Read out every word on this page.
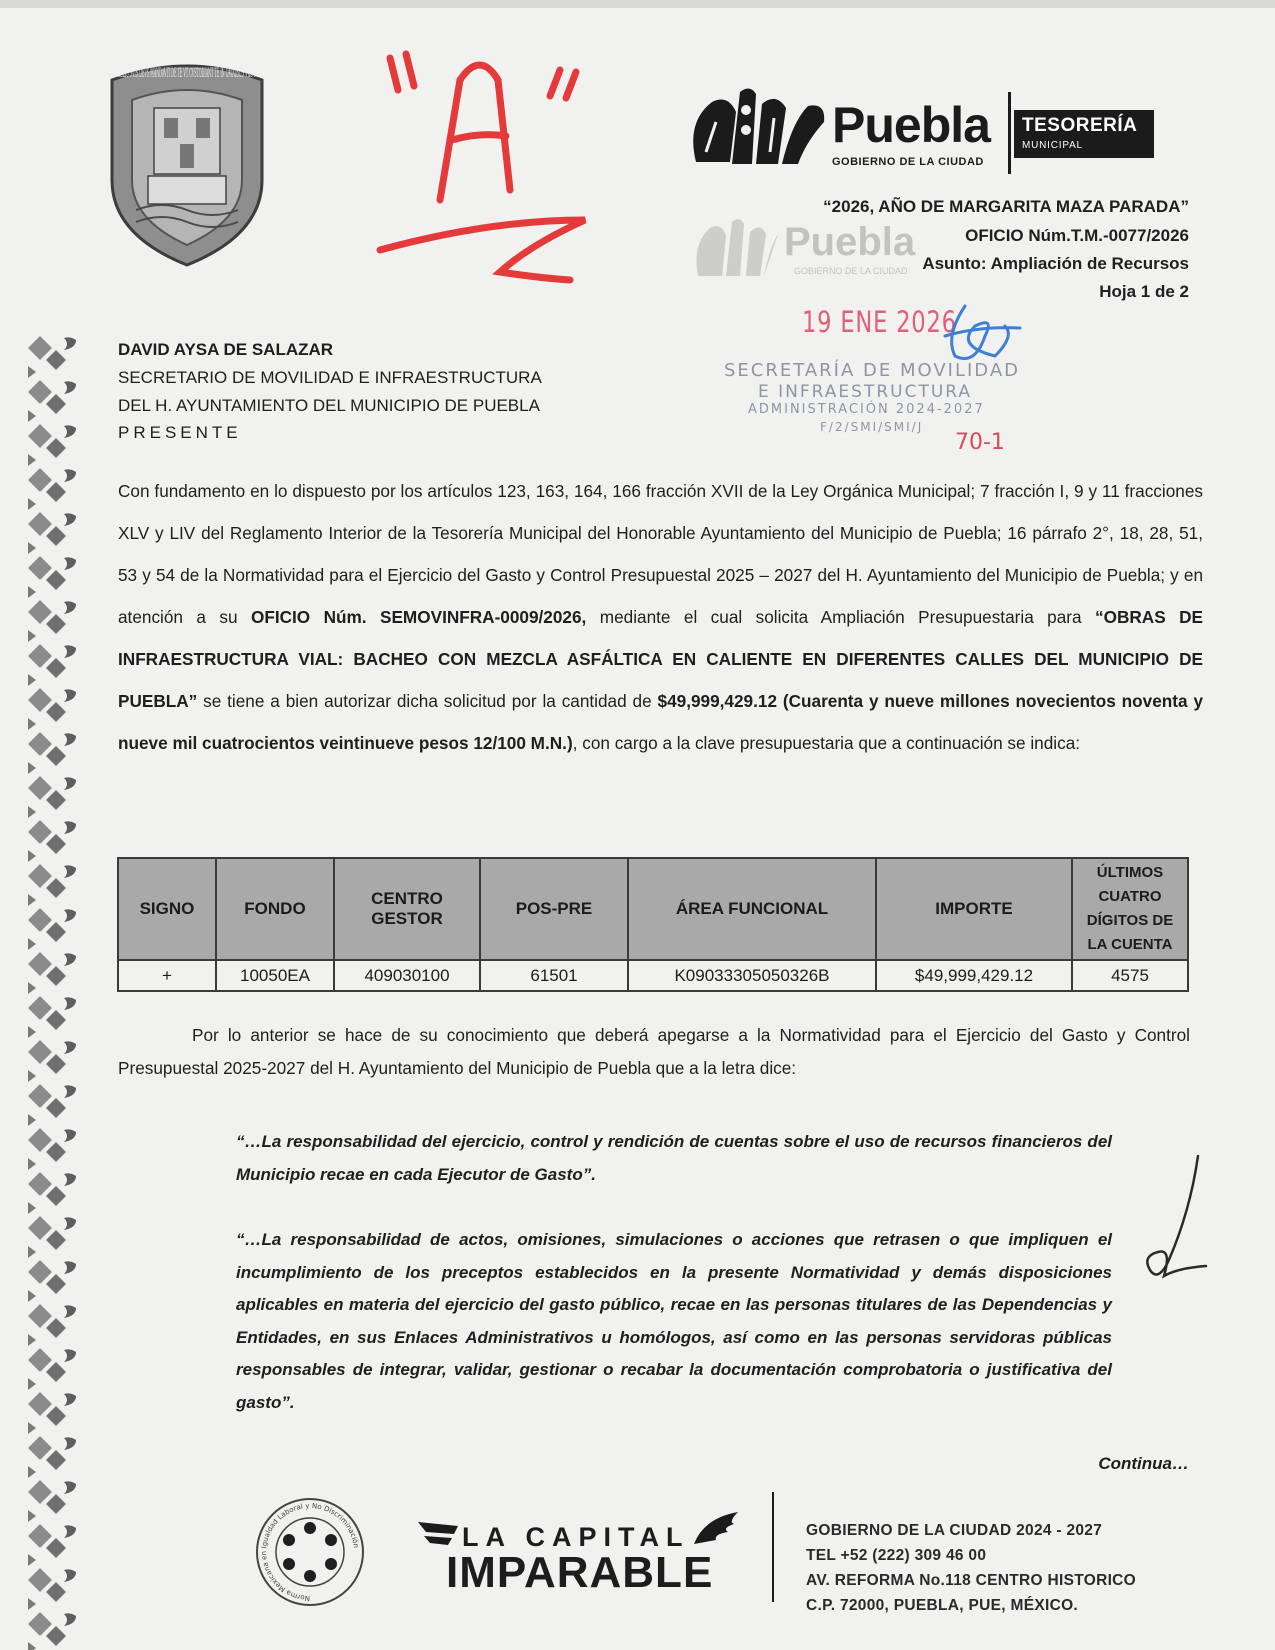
ANGELIS SVIS DEVS MANDAVIT DE TE VT CVSTODIANT TE IN OMNIBUS VIIS TVIS
"A"	Puebla
GOBIERNO DE LA CIUDAD
TESORERÍA
MUNICIPAL
Puebla
GOBIERNO DE LA CIUDAD
“2026, AÑO DE MARGARITA MAZA PARADA”
OFICIO Núm.T.M.-0077/2026
Asunto: Ampliación de Recursos
Hoja 1 de 2
19 ENE 2026
SECRETARÍA DE MOVILIDAD
E INFRAESTRUCTURA
ADMINISTRACIÓN 2024-2027
F/2/SMI/SMI/J
70-1
DAVID AYSA DE SALAZAR
SECRETARIO DE MOVILIDAD E INFRAESTRUCTURA
DEL H. AYUNTAMIENTO DEL MUNICIPIO DE PUEBLA
PRESENTE
Con fundamento en lo dispuesto por los artículos 123, 163, 164, 166 fracción XVII de la Ley Orgánica Municipal; 7 fracción I, 9 y 11 fracciones XLV y LIV del Reglamento Interior de la Tesorería Municipal del Honorable Ayuntamiento del Municipio de Puebla; 16 párrafo 2°, 18, 28, 51, 53 y 54 de la Normatividad para el Ejercicio del Gasto y Control Presupuestal 2025 – 2027 del H. Ayuntamiento del Municipio de Puebla; y en atención a su OFICIO Núm. SEMOVINFRA-0009/2026, mediante el cual solicita Ampliación Presupuestaria para “OBRAS DE INFRAESTRUCTURA VIAL: BACHEO CON MEZCLA ASFÁLTICA EN CALIENTE EN DIFERENTES CALLES DEL MUNICIPIO DE PUEBLA” se tiene a bien autorizar dicha solicitud por la cantidad de $49,999,429.12 (Cuarenta y nueve millones novecientos noventa y nueve mil cuatrocientos veintinueve pesos 12/100 M.N.), con cargo a la clave presupuestaria que a continuación se indica:
SIGNO	FONDO	CENTRO GESTOR	POS-PRE	ÁREA FUNCIONAL	IMPORTE	ÚLTIMOS CUATRO DÍGITOS DE LA CUENTA
+	10050EA	409030100	61501	K09033305050326B	$49,999,429.12	4575
Por lo anterior se hace de su conocimiento que deberá apegarse a la Normatividad para el Ejercicio del Gasto y Control Presupuestal 2025-2027 del H. Ayuntamiento del Municipio de Puebla que a la letra dice:
“…La responsabilidad del ejercicio, control y rendición de cuentas sobre el uso de recursos financieros del Municipio recae en cada Ejecutor de Gasto”.
“…La responsabilidad de actos, omisiones, simulaciones o acciones que retrasen o que impliquen el incumplimiento de los preceptos establecidos en la presente Normatividad y demás disposiciones aplicables en materia del ejercicio del gasto público, recae en las personas titulares de las Dependencias y Entidades, en sus Enlaces Administrativos u homólogos, así como en las personas servidoras públicas responsables de integrar, validar, gestionar o recabar la documentación comprobatoria o justificativa del gasto”.
Continua…
Norma Mexicana en Igualdad Laboral y No Discriminación	LA CAPITAL
IMPARABLE
GOBIERNO DE LA CIUDAD 2024 - 2027
TEL +52 (222) 309 46 00
AV. REFORMA No.118 CENTRO HISTORICO
C.P. 72000, PUEBLA, PUE, MÉXICO.
